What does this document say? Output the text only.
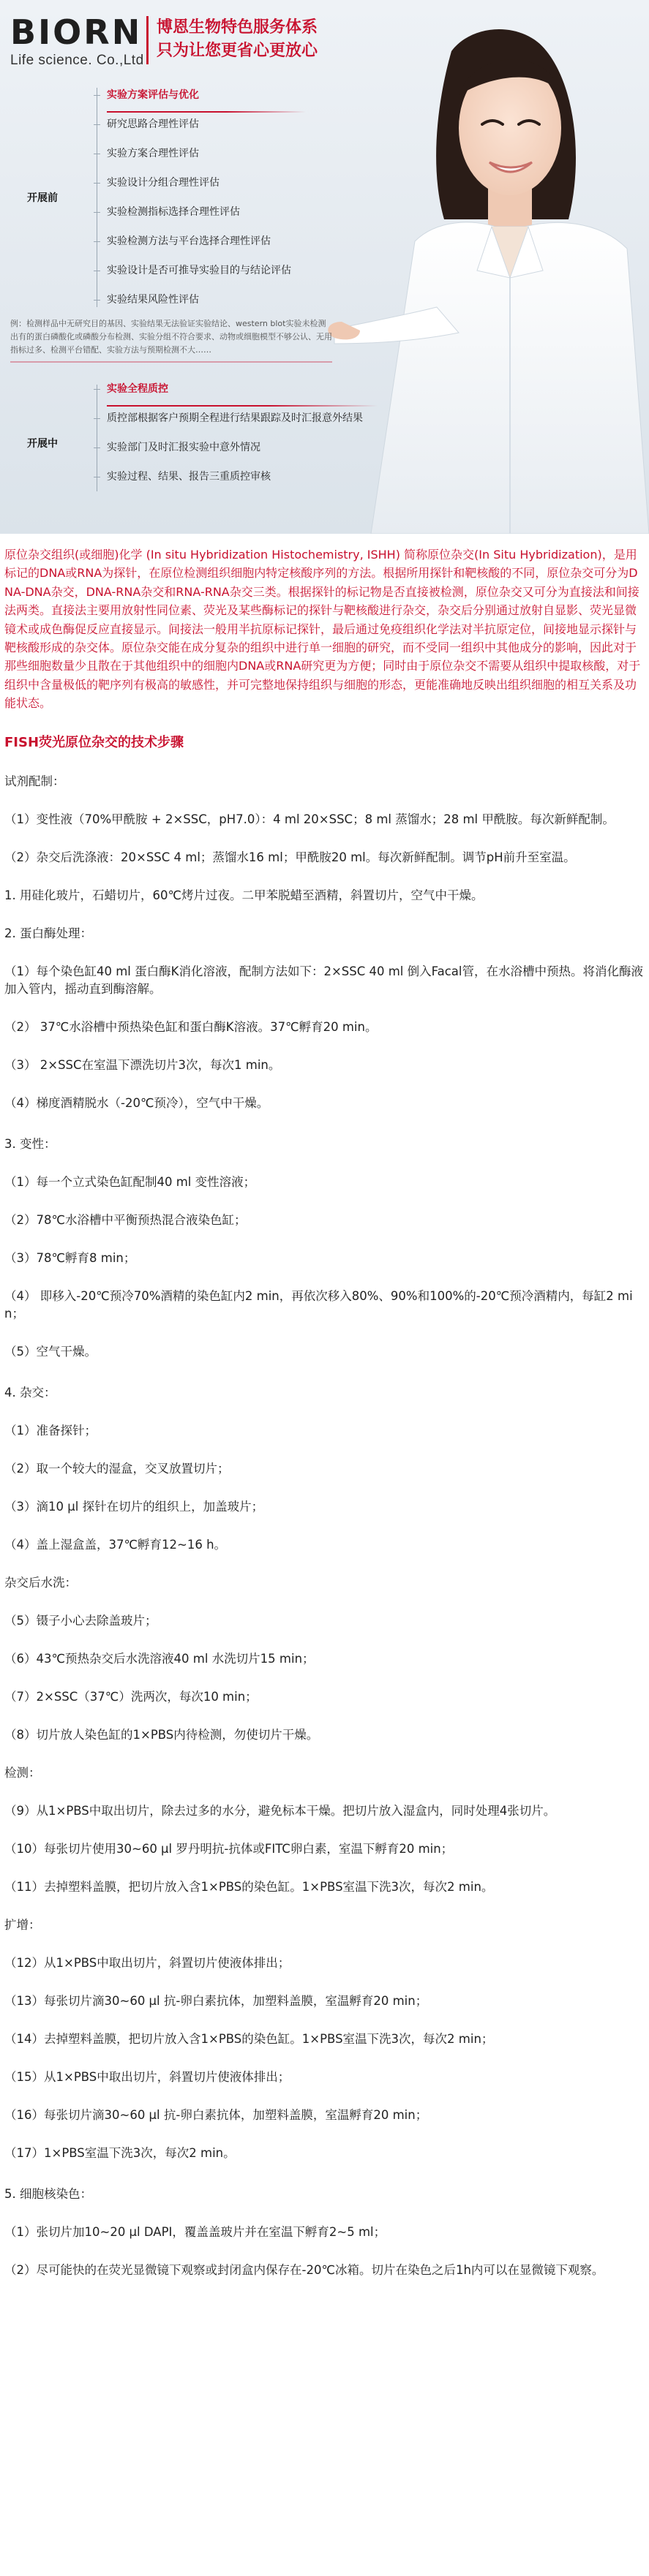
BIORN
Life science. Co.,Ltd
博恩生物特色服务体系
只为让您更省心更放心
开展前
实验方案评估与优化
研究思路合理性评估
实验方案合理性评估
实验设计分组合理性评估
实验检测指标选择合理性评估
实验检测方法与平台选择合理性评估
实验设计是否可推导实验目的与结论评估
实验结果风险性评估
例：检测样品中无研究目的基因、实验结果无法验证实验结论、western blot实验未检测出有的蛋白磷酸化或磷酸分布检测、实验分组不符合要求、动物或细胞模型不够公认、无用指标过多、检测平台错配、实验方法与预期检测不大……
开展中
实验全程质控
质控部根据客户预期全程进行结果跟踪及时汇报意外结果
实验部门及时汇报实验中意外情况
实验过程、结果、报告三重质控审核

原位杂交组织(或细胞)化学 (In situ Hybridization Histochemistry, ISHH) 简称原位杂交(In Situ Hybridization)，是用标记的DNA或RNA为探针，在原位检测组织细胞内特定核酸序列的方法。根据所用探针和靶核酸的不同，原位杂交可分为DNA-DNA杂交，DNA-RNA杂交和RNA-RNA杂交三类。根据探针的标记物是否直接被检测，原位杂交又可分为直接法和间接法两类。直接法主要用放射性同位素、荧光及某些酶标记的探针与靶核酸进行杂交，杂交后分别通过放射自显影、荧光显微镜术或成色酶促反应直接显示。间接法一般用半抗原标记探针，最后通过免疫组织化学法对半抗原定位，间接地显示探针与靶核酸形成的杂交体。原位杂交能在成分复杂的组织中进行单一细胞的研究，而不受同一组织中其他成分的影响，因此对于那些细胞数量少且散在于其他组织中的细胞内DNA或RNA研究更为方便；同时由于原位杂交不需要从组织中提取核酸，对于组织中含量极低的靶序列有极高的敏感性，并可完整地保持组织与细胞的形态，更能准确地反映出组织细胞的相互关系及功能状态。

FISH荧光原位杂交的技术步骤

试剂配制：

（1）变性液（70%甲酰胺 + 2×SSC，pH7.0）：4 ml 20×SSC；8 ml 蒸馏水；28 ml 甲酰胺。每次新鲜配制。

（2）杂交后洗涤液：20×SSC 4 ml；蒸馏水16 ml；甲酰胺20 ml。每次新鲜配制。调节pH前升至室温。

1. 用硅化玻片，石蜡切片，60℃烤片过夜。二甲苯脱蜡至酒精，斜置切片，空气中干燥。

2. 蛋白酶处理：

（1）每个染色缸40 ml 蛋白酶K消化溶液，配制方法如下：2×SSC 40 ml 倒入Facal管，在水浴槽中预热。将消化酶液加入管内，摇动直到酶溶解。

（2） 37℃水浴槽中预热染色缸和蛋白酶K溶液。37℃孵育20 min。

（3） 2×SSC在室温下漂洗切片3次，每次1 min。

（4）梯度酒精脱水（-20℃预冷），空气中干燥。

3. 变性：

（1）每一个立式染色缸配制40 ml 变性溶液；

（2）78℃水浴槽中平衡预热混合液染色缸；

（3）78℃孵育8 min；

（4） 即移入-20℃预冷70%酒精的染色缸内2 min，再依次移入80%、90%和100%的-20℃预冷酒精内，每缸2 min；

（5）空气干燥。

4. 杂交：

（1）准备探针；

（2）取一个较大的湿盒，交叉放置切片；

（3）滴10 μl 探针在切片的组织上，加盖玻片；

（4）盖上湿盒盖，37℃孵育12~16 h。

杂交后水洗：

（5）镊子小心去除盖玻片；

（6）43℃预热杂交后水洗溶液40 ml 水洗切片15 min；

（7）2×SSC（37℃）洗两次，每次10 min；

（8）切片放人染色缸的1×PBS内待检测，勿使切片干燥。

检测：

（9）从1×PBS中取出切片，除去过多的水分，避免标本干燥。把切片放入湿盒内，同时处理4张切片。

（10）每张切片使用30~60 μl 罗丹明抗-抗体或FITC卵白素，室温下孵育20 min；

（11）去掉塑料盖膜，把切片放入含1×PBS的染色缸。1×PBS室温下洗3次，每次2 min。

扩增：

（12）从1×PBS中取出切片，斜置切片使液体排出；

（13）每张切片滴30~60 μl 抗-卵白素抗体，加塑料盖膜，室温孵育20 min；

（14）去掉塑料盖膜，把切片放入含1×PBS的染色缸。1×PBS室温下洗3次，每次2 min；

（15）从1×PBS中取出切片，斜置切片使液体排出；

（16）每张切片滴30~60 μl 抗-卵白素抗体，加塑料盖膜，室温孵育20 min；

（17）1×PBS室温下洗3次，每次2 min。

5. 细胞核染色：

（1）张切片加10~20 μl DAPI，覆盖盖玻片并在室温下孵育2~5 ml；

（2）尽可能快的在荧光显微镜下观察或封闭盒内保存在-20℃冰箱。切片在染色之后1h内可以在显微镜下观察。
